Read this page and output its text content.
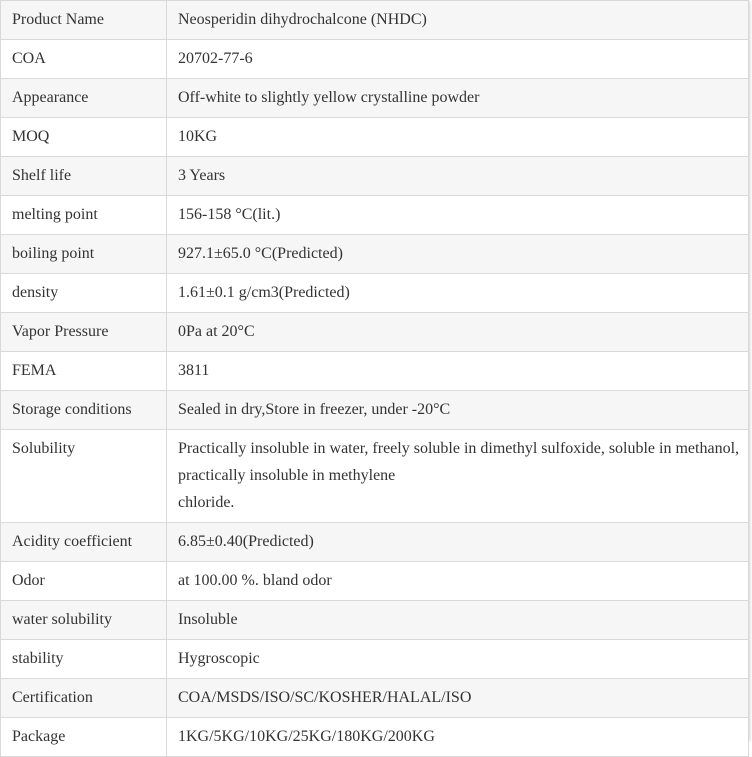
Product Name	Neosperidin dihydrochalcone (NHDC)

COA	20702-77-6

Appearance	Off-white to slightly yellow crystalline powder

MOQ	10KG

Shelf life	3 Years

melting point	156-158 °C(lit.)

boiling point	927.1±65.0 °C(Predicted)

density	1.61±0.1 g/cm3(Predicted)

Vapor Pressure	0Pa at 20°C

FEMA	3811

Storage conditions	Sealed in dry,Store in freezer, under -20°C

Solubility	Practically insoluble in water, freely soluble in dimethyl sulfoxide, soluble in methanol, practically insoluble in methylene
chloride.

Acidity coefficient	6.85±0.40(Predicted)

Odor	at 100.00 %. bland odor

water solubility	Insoluble

stability	Hygroscopic

Certification	COA/MSDS/ISO/SC/KOSHER/HALAL/ISO

Package	1KG/5KG/10KG/25KG/180KG/200KG
